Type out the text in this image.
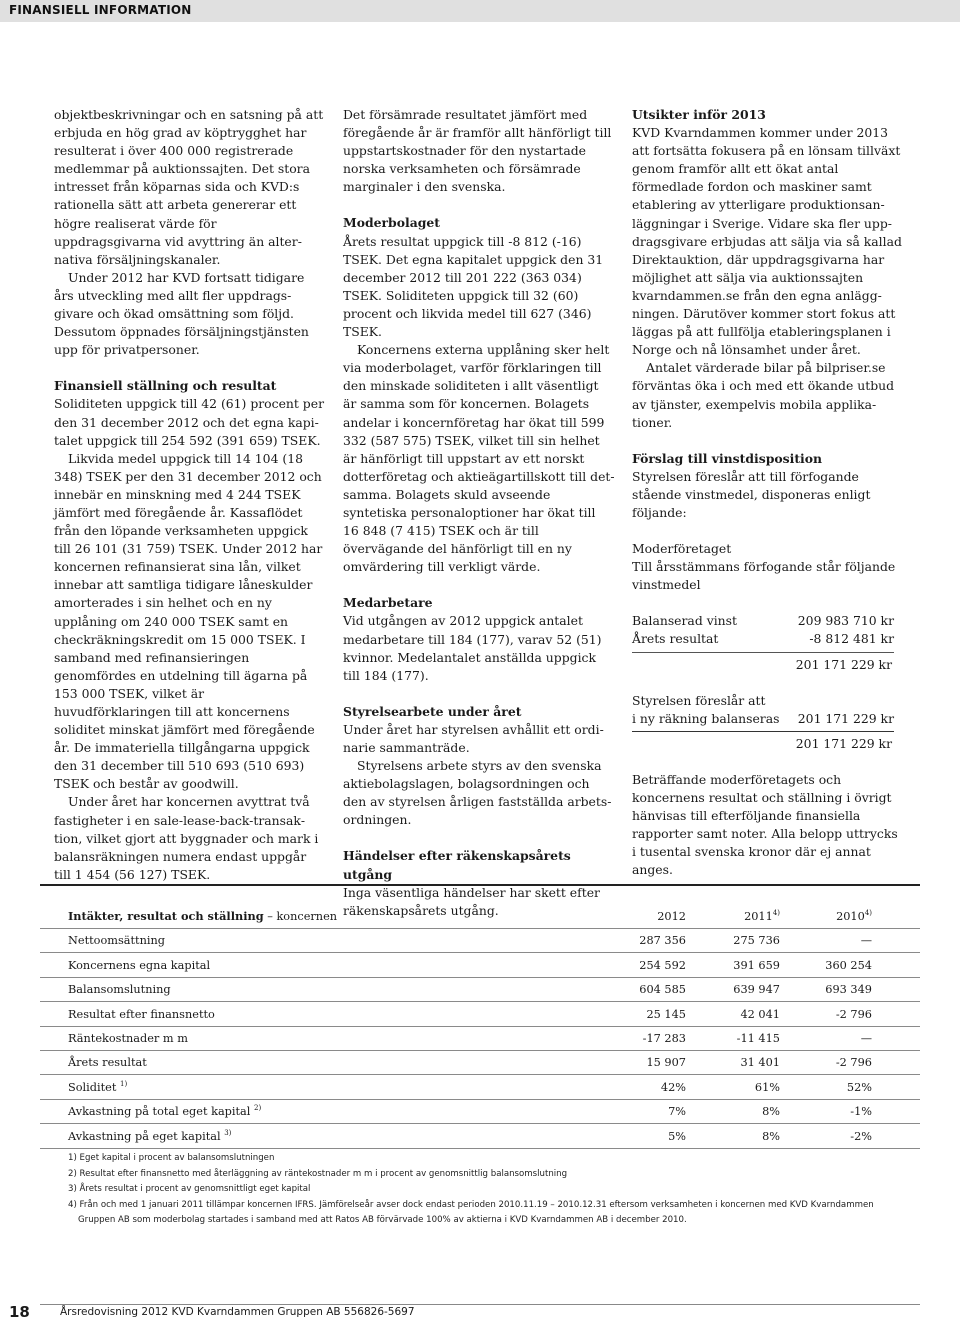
FINANSIELL INFORMATION

objektbeskrivningar och en satsning på att erbjuda en hög grad av köptrygghet har resulterat i över 400 000 registrerade medlemmar på auktionssajten. Det stora intresset från köparnas sida och KVD:s rationella sätt att arbeta genererar ett högre realiserat värde för uppdragsgivarna vid avyttring än alternativa försäljningskanaler.

Under 2012 har KVD fortsatt tidigare års utveckling med allt fler uppdragsgivare och ökad omsättning som följd. Dessutom öppnades försäljningstjänsten upp för privatpersoner.

Finansiell ställning och resultat

Soliditeten uppgick till 42 (61) procent per den 31 december 2012 och det egna kapitalet uppgick till 254 592 (391 659) TSEK.

Likvida medel uppgick till 14 104 (18 348) TSEK per den 31 december 2012 och innebär en minskning med 4 244 TSEK jämfört med föregående år. Kassaflödet från den löpande verksamheten uppgick till 26 101 (31 759) TSEK. Under 2012 har koncernen refinansierat sina lån, vilket innebar att samtliga tidigare låneskulder amorterades i sin helhet och en ny upplåning om 240 000 TSEK samt en checkräkningskredit om 15 000 TSEK. I samband med refinansieringen genomfördes en utdelning till ägarna på 153 000 TSEK, vilket är huvudförklaringen till att koncernens soliditet minskat jämfört med föregående år. De immateriella tillgångarna uppgick den 31 december till 510 693 (510 693) TSEK och består av goodwill.

Under året har koncernen avyttrat två fastigheter i en sale-lease-back-transaktion, vilket gjort att byggnader och mark i balansräkningen numera endast uppgår till 1 454 (56 127) TSEK.

Det försämrade resultatet jämfört med föregående år är framför allt hänförligt till uppstartskostnader för den nystartade norska verksamheten och försämrade marginaler i den svenska.

Moderbolaget

Årets resultat uppgick till -8 812 (-16) TSEK. Det egna kapitalet uppgick den 31 december 2012 till 201 222 (363 034) TSEK. Soliditeten uppgick till 32 (60) procent och likvida medel till 627 (346) TSEK.

Koncernens externa upplåning sker helt via moderbolaget, varför förklaringen till den minskade soliditeten i allt väsentligt är samma som för koncernen. Bolagets andelar i koncernföretag har ökat till 599 332 (587 575) TSEK, vilket till sin helhet är hänförligt till uppstart av ett norskt dotterföretag och aktieägartillskott till detsamma. Bolagets skuld avseende syntetiska personaloptioner har ökat till 16 848 (7 415) TSEK och är till övervägande del hänförligt till en ny omvärdering till verkligt värde.

Medarbetare

Vid utgången av 2012 uppgick antalet medarbetare till 184 (177), varav 52 (51) kvinnor. Medelantalet anställda uppgick till 184 (177).

Styrelsearbete under året

Under året har styrelsen avhållit ett ordinarie sammanträde.

Styrelsens arbete styrs av den svenska aktiebolagslagen, bolagsordningen och den av styrelsen årligen fastställda arbetsordningen.

Händelser efter räkenskapsårets utgång

Inga väsentliga händelser har skett efter räkenskapsårets utgång.

Utsikter inför 2013

KVD Kvarndammen kommer under 2013 att fortsätta fokusera på en lönsam tillväxt genom framför allt ett ökat antal förmedlade fordon och maskiner samt etablering av ytterligare produktionsanläggningar i Sverige. Vidare ska fler uppdragsgivare erbjudas att sälja via så kallad Direktauktion, där uppdragsgivarna har möjlighet att sälja via auktionssajten kvarndammen.se från den egna anläggningen. Därutöver kommer stort fokus att läggas på att fullfölja etableringsplanen i Norge och nå lönsamhet under året.

Antalet värderade bilar på bilpriser.se förväntas öka i och med ett ökande utbud av tjänster, exempelvis mobila applikationer.

Förslag till vinstdisposition

Styrelsen föreslår att till förfogande stående vinstmedel, disponeras enligt följande:

Moderföretaget

Till årsstämmans förfogande står följande vinstmedel

Balanserad vinst	209 983 710 kr
Årets resultat	-8 812 481 kr
201 171 229 kr
Styrelsen föreslår att
i ny räkning balanseras 201 171 229 kr
201 171 229 kr

Beträffande moderföretagets och koncernens resultat och ställning i övrigt hänvisas till efterföljande finansiella rapporter samt noter. Alla belopp uttrycks i tusental svenska kronor där ej annat anges.

Intäkter, resultat och ställning – koncernen	2012	2011$^{4)}$	2010$^{4)}$
Nettoomsättning	287 356	275 736	—
Koncernens egna kapital	254 592	391 659	360 254
Balansomslutning	604 585	639 947	693 349
Resultat efter finansnetto	25 145	42 041	-2 796
Räntekostnader m m	-17 283	-11 415	—
Årets resultat	15 907	31 401	-2 796
Soliditet $^{1)}$	42%	61%	52%
Avkastning på total eget kapital $^{2)}$	7%	8%	-1%
Avkastning på eget kapital $^{3)}$	5%	8%	-2%

1) Eget kapital i procent av balansomslutningen

2) Resultat efter finansnetto med återläggning av räntekostnader m m i procent av genomsnittlig balansomslutning

3) Årets resultat i procent av genomsnittligt eget kapital

4) Från och med 1 januari 2011 tillämpar koncernen IFRS. Jämförelseår avser dock endast perioden 2010.11.19 – 2010.12.31 eftersom verksamheten i koncernen med KVD Kvarndammen

Gruppen AB som moderbolag startades i samband med att Ratos AB förvärvade 100% av aktierna i KVD Kvarndammen AB i december 2010.

18	Årsredovisning 2012 KVD Kvarndammen Gruppen AB 556826-5697
